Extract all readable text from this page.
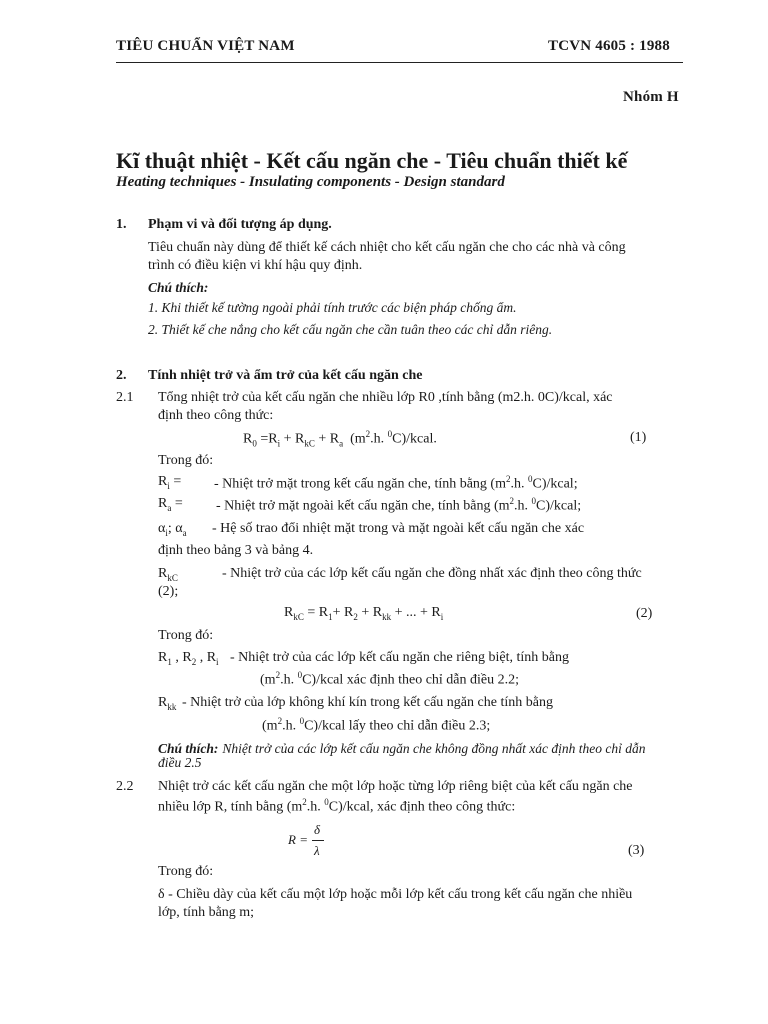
TIÊU CHUẨN VIỆT NAM	TCVN 4605 : 1988
Nhóm H
Kĩ thuật nhiệt - Kết cấu ngăn che - Tiêu chuẩn thiết kế
Heating techniques - Insulating components - Design standard
1. Phạm vi và đối tượng áp dụng.
Tiêu chuẩn này dùng để thiết kế cách nhiệt cho kết cấu ngăn che cho các nhà và công
trình có điều kiện vi khí hậu quy định.
Chú thích:
1. Khi thiết kế tường ngoài phải tính trước các biện pháp chống ẩm.
2. Thiết kế che nắng cho kết cấu ngăn che cần tuân theo các chỉ dẫn riêng.
2. Tính nhiệt trở và ẩm trở của kết cấu ngăn che
2.1 Tổng nhiệt trở của kết cấu ngăn che nhiều lớp R0 ,tính bằng (m2.h. 0C)/kcal, xác
định theo công thức:
$R_0 =R_i + R_{kC} + R_a$  ($m^2.h$. $^0$C)/kcal.	(1)
Trong đó:
$R_i$ = - Nhiệt trở mặt trong kết cấu ngăn che, tính bằng ($m^2.h$. $^0$C)/kcal;
$R_a$ = - Nhiệt trở mặt ngoài kết cấu ngăn che, tính bằng ($m^2.h$. $^0$C)/kcal;
$\alpha_i$; $\alpha_a$ - Hệ số trao đổi nhiệt mặt trong và mặt ngoài kết cấu ngăn che xác
định theo bảng 3 và bảng 4.
$R_{kC}$	- Nhiệt trở của các lớp kết cấu ngăn che đồng nhất xác định theo công thức
(2);
$R_{kC} = R_1+ R_2 + R_{kk}$ + ... + $R_i$	(2)
Trong đó:
$R_1$ , $R_2$ , $R_i$ - Nhiệt trở của các lớp kết cấu ngăn che riêng biệt, tính bằng
($m^2.h$. $^0$C)/kcal xác định theo chỉ dẫn điều 2.2;
$R_{kk}$ - Nhiệt trở của lớp không khí kín trong kết cấu ngăn che tính bằng
($m^2.h$. $^0$C)/kcal lấy theo chỉ dẫn điều 2.3;
Chú thích: Nhiệt trở của các lớp kết cấu ngăn che không đồng nhất xác định theo chỉ dẫn
điều 2.5
2.2 Nhiệt trở các kết cấu ngăn che một lớp hoặc từng lớp riêng biệt của kết cấu ngăn che
nhiều lớp R, tính bằng ($m^2.h$. $^0$C)/kcal, xác định theo công thức:
R =
δ
λ	(3)
Trong đó:
δ - Chiều dày của kết cấu một lớp hoặc mỗi lớp kết cấu trong kết cấu ngăn che nhiều
lớp, tính bằng m;
